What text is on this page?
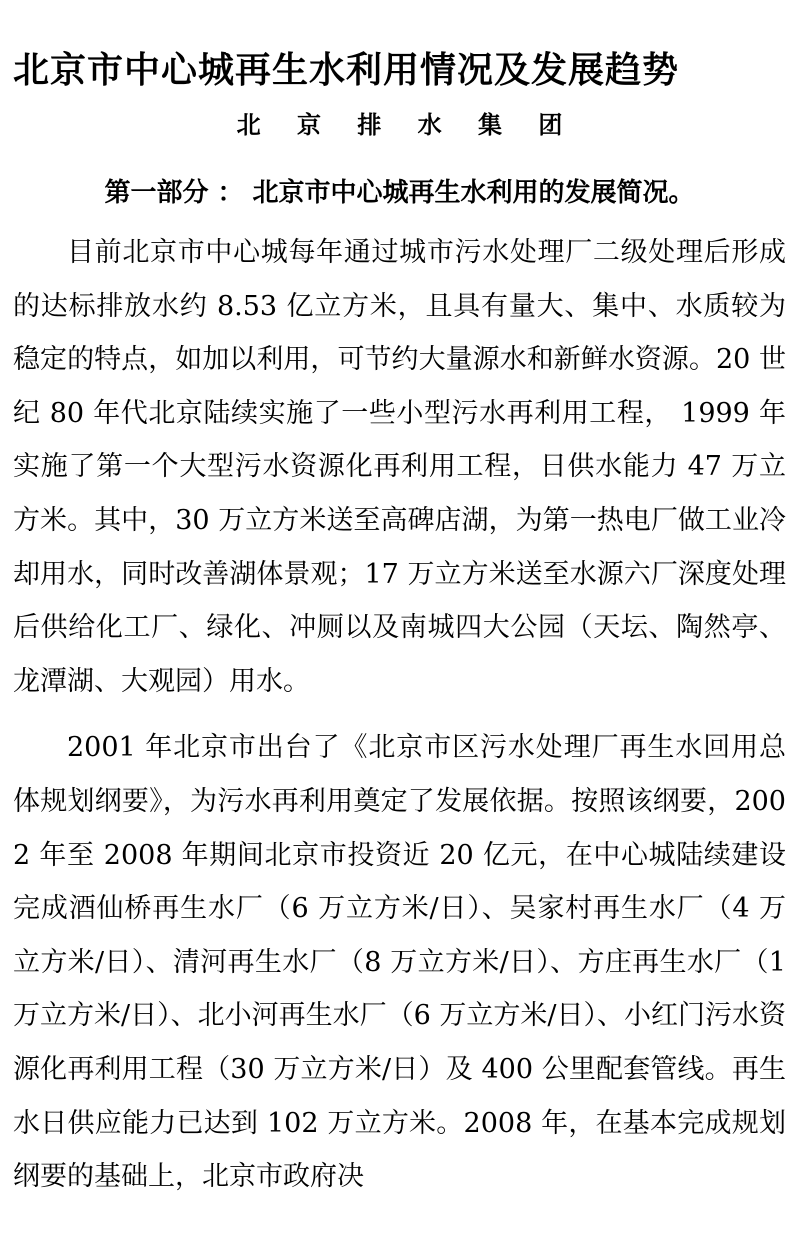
北京市中心城再生水利用情况及发展趋势
北 京 排 水 集 团
第一部分 ： 北京市中心城再生水利用的发展简况。

目前北京市中心城每年通过城市污水处理厂二级处理后形成的达标排放水约 8.53 亿立方米，且具有量大、集中、水质较为稳定的特点，如加以利用，可节约大量源水和新鲜水资源。20 世纪 80 年代北京陆续实施了一些小型污水再利用工程， 1999 年实施了第一个大型污水资源化再利用工程，日供水能力 47 万立方米。其中，30 万立方米送至高碑店湖，为第一热电厂做工业冷却用水，同时改善湖体景观；17 万立方米送至水源六厂深度处理后供给化工厂、绿化、冲厕以及南城四大公园（天坛、陶然亭、龙潭湖、大观园）用水。

2001 年北京市出台了《北京市区污水处理厂再生水回用总体规划纲要》，为污水再利用奠定了发展依据。按照该纲要，2002 年至 2008 年期间北京市投资近 20 亿元，在中心城陆续建设完成酒仙桥再生水厂（6 万立方米/日）、吴家村再生水厂（4 万立方米/日）、清河再生水厂（8 万立方米/日）、方庄再生水厂（1 万立方米/日）、北小河再生水厂（6 万立方米/日）、小红门污水资源化再利用工程（30 万立方米/日）及 400 公里配套管线。再生水日供应能力已达到 102 万立方米。2008 年，在基本完成规划纲要的基础上，北京市政府决
